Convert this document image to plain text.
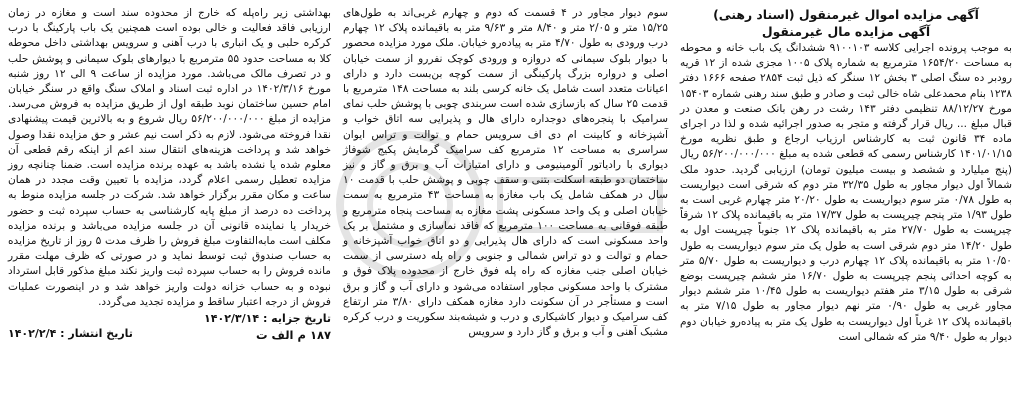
آگهی مزایده اموال غیرمنقول (اسناد رهنی)

آگهی مزایده مال غیرمنقول

به موجب پرونده اجرایی کلاسه ۹۱۰۰۱۰۳ ششدانگ یک باب خانه و محوطه به مساحت ۱۶۵۴/۲۰ مترمربع به شماره پلاک ۱۰۰۵ مجزی شده از ۱۲ قریه رودبر ده سنگ اصلی ۳ بخش ۱۲ سنگر که ذیل ثبت ۲۸۵۴ صفحه ۱۶۶۶ دفتر ۱۲۳۸ بنام محمدعلی شاه خالی ثبت و صادر و طبق سند رهنی شماره ۱۵۴۰۳ مورخ ۸۸/۱۲/۲۷ تنظیمی دفتر ۱۴۳ رشت در رهن بانک صنعت و معدن در قبال مبلغ ... ریال قرار گرفته و متجر به صدور اجرائیه شده و لذا در اجرای ماده ۳۴ قانون ثبت به کارشناس ارزیاب ارجاع و طبق نظریه مورخ ۱۴۰۱/۰۱/۱۵ کارشناس رسمی که قطعی شده به مبلغ ۵۶/۲۰۰/۰۰۰/۰۰۰ ریال (پنج میلیارد و ششصد و بیست میلیون تومان) ارزیابی گردید. حدود ملک شمالاً اول دیوار مجاور به طول ۳۲/۳۵ متر دوم که شرقی است دیواریست به طول ۰/۷۸ متر سوم دیواریست به طول ۲۰/۲۰ متر چهارم غربی است به طول ۱/۹۳ متر پنجم چیرپست به طول ۱۷/۳۷ متر به باقیمانده پلاک ۱۲ شرقاً چیرپست به طول ۲۷/۷۰ متر به باقیمانده پلاک ۱۲ جنوباً چیرپست اول به طول ۱۴/۲۰ متر دوم شرقی است به طول یک متر سوم دیواریست به طول ۱۰/۵۰ متر به باقیمانده پلاک ۱۲ چهارم درب و دیواریست به طول ۵/۷۰ متر به کوچه احداثی پنجم چیرپست به طول ۱۶/۷۰ متر ششم چیرپست بوضع شرقی به طول ۳/۱۵ متر هفتم دیواریست به طول ۱۰/۴۵ متر ششم دیوار مجاور غربی به طول ۰/۹۰ متر نهم دیوار مجاور به طول ۷/۱۵ متر به باقیمانده پلاک ۱۲ غرباً اول دیواریست به طول یک متر به پیاده‌رو خیابان دوم دیوار به طول ۹/۴۰ متر که شمالی است

سوم دیوار مجاور در ۴ قسمت که دوم و چهارم غربی‌اند به طول‌های ۱۵/۲۵ متر و ۲/۰۵ متر و ۸/۴۰ متر و ۹/۶۳ متر به باقیمانده پلاک ۱۲ چهارم درب ورودی به طول ۴/۷۰ متر به پیاده‌رو خیابان. ملک مورد مزایده محصور با دیوار بلوک سیمانی که دروازه و ورودی کوچک نفررو از سمت خیابان اصلی و درواره بزرگ پارکینگی از سمت کوچه بن‌بست دارد و دارای اعیانات متعدد است شامل یک خانه کرسی بلند به مساحت ۱۴۸ مترمربع با قدمت ۲۵ سال که بازسازی شده است سربندی چوبی با پوشش حلب نمای سرامیک با پنجره‌های دوجداره دارای هال و پذیرایی سه اتاق خواب و آشپزخانه و کابینت ام دی اف سرویس حمام و توالت و تراس ایوان سراسری به مساحت ۱۲ مترمربع کف سرامیک گرمایش پکیج شوفاژ دیواری با رادیاتور آلومینیومی و دارای امتیازات آب و برق و گاز و نیز ساختمان دو طبقه اسکلت بتنی و سقف چوبی و پوشش حلب با قدمت ۱۰ سال در همکف شامل یک باب مغازه به مساحت ۴۳ مترمربع به سمت خیابان اصلی و یک واحد مسکونی پشت مغازه به مساحت پنجاه مترمربع و طبقه فوقانی به مساحت ۱۰۰ مترمربع که فاقد نماسازی و مشتمل بر یک واحد مسکونی است که دارای هال پذیرایی و دو اتاق خواب آشپزخانه و حمام و توالت و دو تراس شمالی و جنوبی و راه پله دسترسی از سمت خیابان اصلی جنب مغازه که راه پله فوق خارج از محدوده پلاک فوق و مشترک با واحد مسکونی مجاور استفاده می‌شود و دارای آب و گاز و برق است و مستأجر در آن سکونت دارد مغازه همکف دارای ۳/۸۰ متر ارتفاع کف سرامیک و دیوار کاشیکاری و درب و شیشه‌بند سکوریت و درب کرکره مشبک آهنی و آب و برق و گاز دارد و سرویس

بهداشتی زیر راه‌پله که خارج از محدوده سند است و مغازه در زمان ارزیابی فاقد فعالیت و خالی بوده است همچنین یک باب پارکینگ با درب کرکره حلبی و یک انباری با درب آهنی و سرویس بهداشتی داخل محوطه کلا به مساحت حدود ۵۵ مترمربع با دیوارهای بلوک سیمانی و پوشش حلب و در تصرف مالک می‌باشد. مورد مزایده از ساعت ۹ الی ۱۲ روز شنبه مورخ ۱۴۰۲/۳/۱۶ در اداره ثبت اسناد و املاک سنگ واقع در سنگر خیابان امام حسین ساختمان نوبد طبقه اول از طریق مزایده به فروش می‌رسد. مزایده از مبلغ ۵۶/۲۰۰/۰۰۰/۰۰۰ ریال شروع و به بالاترین قیمت پیشنهادی نقدا فروخته می‌شود. لازم به ذکر است نیم عشر و حق مزایده نقدا وصول خواهد شد و پرداخت هزینه‌های انتقال سند اعم از اینکه رقم قطعی آن معلوم شده یا نشده باشد به عهده برنده مزایده است. ضمنا چنانچه روز مزایده تعطیل رسمی اعلام گردد، مزایده با تعیین وقت مجدد در همان ساعت و مکان مقرر برگزار خواهد شد. شرکت در جلسه مزایده منوط به پرداخت ده درصد از مبلغ پایه کارشناسی به حساب سپرده ثبت و حضور خریدار یا نماینده قانونی آن در جلسه مزایده می‌باشد و برنده مزایده مکلف است مابه‌التفاوت مبلغ فروش را ظرف مدت ۵ روز از تاریخ مزایده به حساب صندوق ثبت توسط نماید و در صورتی که ظرف مهلت مقرر مانده فروش را به حساب سپرده ثبت واریز نکند مبلغ مذکور قابل استرداد نبوده و به حساب خزانه دولت واریز خواهد شد و در اینصورت عملیات فروش از درجه اعتبار ساقط و مزایده تجدید می‌گردد.

تاریخ جزایه : ۱۴۰۲/۳/۱۴
۱۸۷ م الف ت
تاریخ انتشار : ۱۴۰۲/۲/۴
